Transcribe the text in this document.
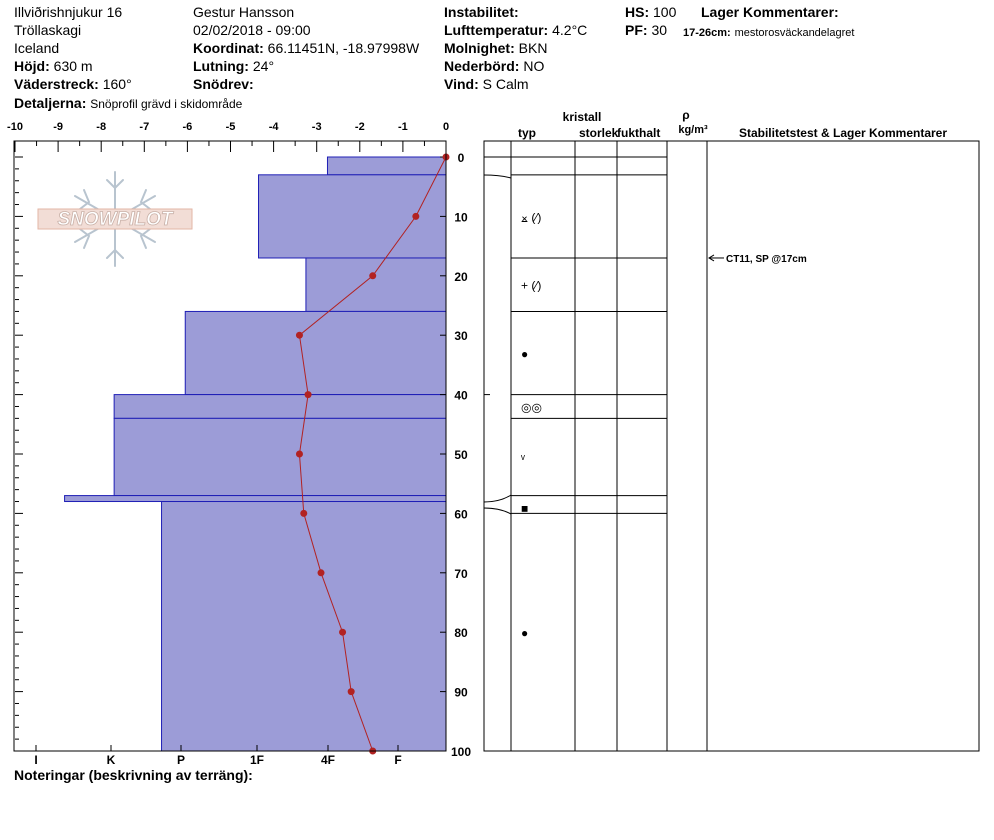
Illviðrishnjukur 16
Tröllaskagi
Iceland
Höjd: 630 m
Väderstreck: 160°
Detaljerna: Snöprofil grävd i skidområde
Gestur Hansson
02/02/2018 - 09:00
Koordinat: 66.11451N, -18.97998W
Lutning: 24°
Snödrev:
Instabilitet:
Lufttemperatur: 4.2°C
Molnighet: BKN
Nederbörd: NO
Vind: S Calm
HS: 100
PF: 30
Lager Kommentarer:
17-26cm: mestorosväckandelagret
SNOWPILOT
-10	-9	-8	-7	-6	-5	-4	-3	-2	-1	0
0
10
20
30
40
50
60
70
80
90
100
I	K	P	1F	4F	F
⨱ (⁄)
+ (⁄)
●
◎◎
ᵥ
■
●
CT11, SP @17cm
kristall
typ	storlek
fukthalt
ρ
kg/m³	Stabilitetstest & Lager Kommentarer
Noteringar (beskrivning av terräng):
